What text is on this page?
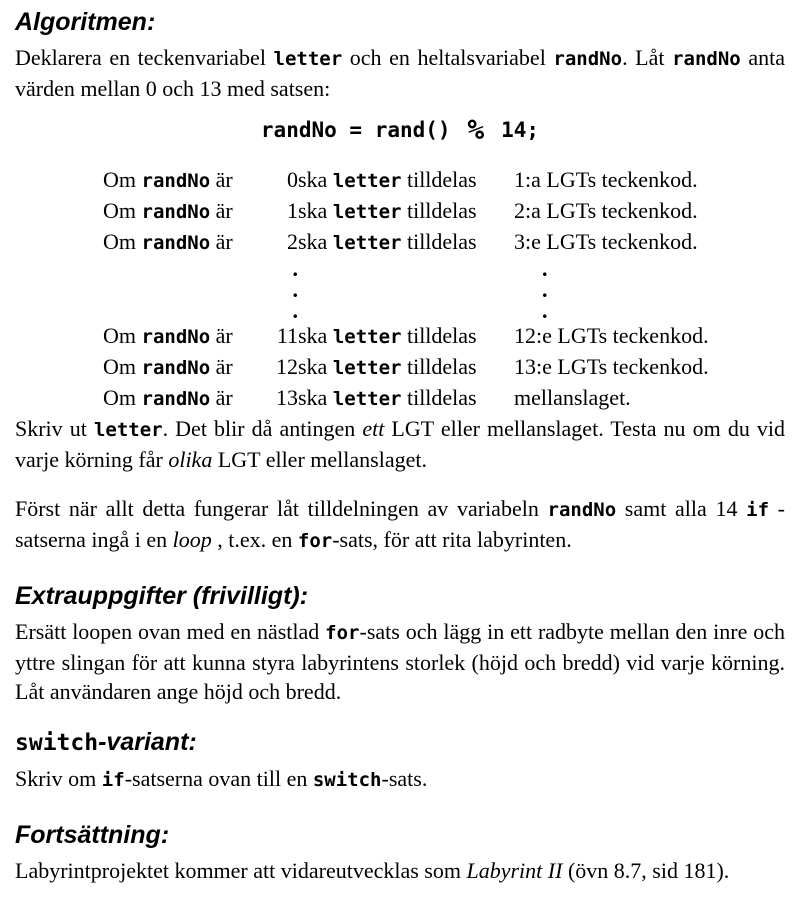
Algoritmen:

Deklarera en teckenvariabel letter och en heltalsvariabel randNo. Låt randNo anta värden mellan 0 och 13 med satsen:

randNo = rand() % 14;
Om randNo är	0	ska letter tilldelas	1:a LGTs teckenkod.
Om randNo är	1	ska letter tilldelas	2:a LGTs teckenkod.
Om randNo är	2	ska letter tilldelas	3:e LGTs teckenkod.
	.		.
	.		.
	.		.
Om randNo är	11	ska letter tilldelas	12:e LGTs teckenkod.
Om randNo är	12	ska letter tilldelas	13:e LGTs teckenkod.
Om randNo är	13	ska letter tilldelas	mellanslaget.

Skriv ut letter. Det blir då antingen ett LGT eller mellanslaget. Testa nu om du vid varje körning får olika LGT eller mellanslaget.

Först när allt detta fungerar låt tilldelningen av variabeln randNo samt alla 14 if -satserna ingå i en loop , t.ex. en for-sats, för att rita labyrinten.

Extrauppgifter (frivilligt):

Ersätt loopen ovan med en nästlad for-sats och lägg in ett radbyte mellan den inre och yttre slingan för att kunna styra labyrintens storlek (höjd och bredd) vid varje körning. Låt användaren ange höjd och bredd.

switch-variant:

Skriv om if-satserna ovan till en switch-sats.

Fortsättning:

Labyrintprojektet kommer att vidareutvecklas som Labyrint II (övn 8.7, sid 181).
